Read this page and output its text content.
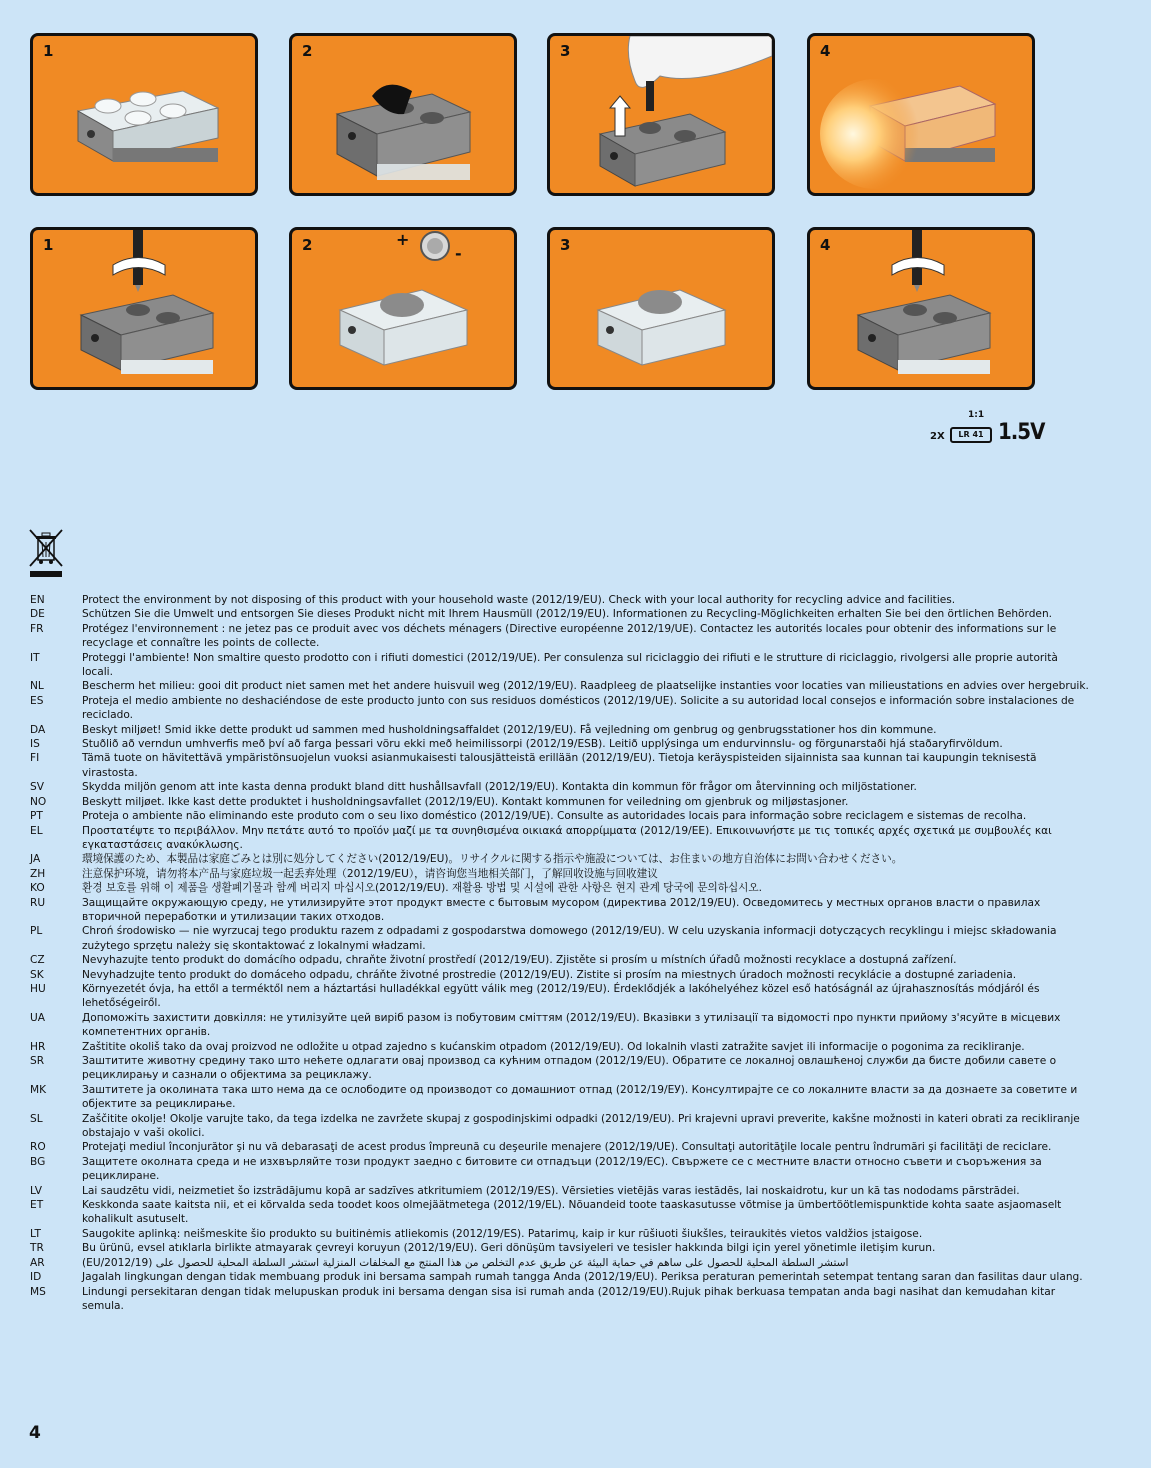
1	2	3	4
1	2	+
-	3	4
1:1
2X	LR 41 1.5V
EN	Protect the environment by not disposing of this product with your household waste (2012/19/EU). Check with your local authority for recycling advice and facilities.
DE	Schützen Sie die Umwelt und entsorgen Sie dieses Produkt nicht mit Ihrem Hausmüll (2012/19/EU). Informationen zu Recycling-Möglichkeiten erhalten Sie bei den örtlichen Behörden.
FR	Protégez l'environnement : ne jetez pas ce produit avec vos déchets ménagers (Directive européenne 2012/19/UE). Contactez les autorités locales pour obtenir des informations sur le recyclage et connaître les points de collecte.
IT	Proteggi l'ambiente! Non smaltire questo prodotto con i rifiuti domestici (2012/19/UE). Per consulenza sul riciclaggio dei rifiuti e le strutture di riciclaggio, rivolgersi alle proprie autorità locali.
NL	Bescherm het milieu: gooi dit product niet samen met het andere huisvuil weg (2012/19/EU). Raadpleeg de plaatselijke instanties voor locaties van milieustations en advies over hergebruik.
ES	Proteja el medio ambiente no deshaciéndose de este producto junto con sus residuos domésticos (2012/19/UE). Solicite a su autoridad local consejos e información sobre instalaciones de reciclado.
DA	Beskyt miljøet! Smid ikke dette produkt ud sammen med husholdningsaffaldet (2012/19/EU). Få vejledning om genbrug og genbrugsstationer hos din kommune.
IS	Stuðlið að verndun umhverfis með því að farga þessari vöru ekki með heimilissorpi (2012/19/ESB). Leitið upplýsinga um endurvinnslu- og förgunarstaði hjá staðaryfirvöldum.
FI	Tämä tuote on hävitettävä ympäristönsuojelun vuoksi asianmukaisesti talousjätteistä erillään (2012/19/EU). Tietoja keräyspisteiden sijainnista saa kunnan tai kaupungin teknisestä virastosta.
SV	Skydda miljön genom att inte kasta denna produkt bland ditt hushållsavfall (2012/19/EU). Kontakta din kommun för frågor om återvinning och miljöstationer.
NO	Beskytt miljøet. Ikke kast dette produktet i husholdningsavfallet (2012/19/EU). Kontakt kommunen for veiledning om gjenbruk og miljøstasjoner.
PT	Proteja o ambiente não eliminando este produto com o seu lixo doméstico (2012/19/UE). Consulte as autoridades locais para informação sobre reciclagem e sistemas de recolha.
EL	Προστατέψτε το περιβάλλον. Μην πετάτε αυτό το προϊόν μαζί με τα συνηθισμένα οικιακά απορρίμματα (2012/19/ΕΕ). Επικοινωνήστε με τις τοπικές αρχές σχετικά με συμβουλές και εγκαταστάσεις ανακύκλωσης.
JA	環境保護のため、本製品は家庭ごみとは別に処分してください(2012/19/EU)。リサイクルに関する指示や施設については、お住まいの地方自治体にお問い合わせください。
ZH	注意保护环境，请勿将本产品与家庭垃圾一起丢弃处理（2012/19/EU），请咨询您当地相关部门，了解回收设施与回收建议
KO	환경 보호를 위해 이 제품을 생활폐기물과 함께 버리지 마십시오(2012/19/EU). 재활용 방법 및 시설에 관한 사항은 현지 관계 당국에 문의하십시오.
RU	Защищайте окружающую среду, не утилизируйте этот продукт вместе с бытовым мусором (директива 2012/19/EU). Осведомитесь у местных органов власти о правилах вторичной переработки и утилизации таких отходов.
PL	Chroń środowisko — nie wyrzucaj tego produktu razem z odpadami z gospodarstwa domowego (2012/19/EU). W celu uzyskania informacji dotyczących recyklingu i miejsc składowania zużytego sprzętu należy się skontaktować z lokalnymi władzami.
CZ	Nevyhazujte tento produkt do domácího odpadu, chraňte životní prostředí (2012/19/EU). Zjistěte si prosím u místních úřadů možnosti recyklace a dostupná zařízení.
SK	Nevyhadzujte tento produkt do domáceho odpadu, chráňte životné prostredie (2012/19/EU). Zistite si prosím na miestnych úradoch možnosti recyklácie a dostupné zariadenia.
HU	Környezetét óvja, ha ettől a terméktől nem a háztartási hulladékkal együtt válik meg (2012/19/EU). Érdeklődjék a lakóhelyéhez közel eső hatóságnál az újrahasznosítás módjáról és lehetőségeiről.
UA	Допоможіть захистити довкілля: не утилізуйте цей виріб разом із побутовим сміттям (2012/19/EU). Вказівки з утилізації та відомості про пункти прийому з'ясуйте в місцевих компетентних органів.
HR	Zaštitite okoliš tako da ovaj proizvod ne odložite u otpad zajedno s kućanskim otpadom (2012/19/EU). Od lokalnih vlasti zatražite savjet ili informacije o pogonima za recikliranje.
SR	Заштитите животну средину тако што нећете одлагати овај производ са кућним отпадом (2012/19/EU). Обратите се локалној овлашћеној служби да бисте добили савете о рециклирању и сазнали о објектима за рециклажу.
MK	Заштитете ја околината така што нема да се ослободите од производот со домашниот отпад (2012/19/ЕУ). Консултирајте се со локалните власти за да дознаете за советите и објектите за рециклирање.
SL	Zaščitite okolje! Okolje varujte tako, da tega izdelka ne zavržete skupaj z gospodinjskimi odpadki (2012/19/EU). Pri krajevni upravi preverite, kakšne možnosti in kateri obrati za recikliranje obstajajo v vaši okolici.
RO	Protejaţi mediul înconjurător şi nu vă debarasaţi de acest produs împreună cu deşeurile menajere (2012/19/UE). Consultaţi autorităţile locale pentru îndrumări şi facilităţi de reciclare.
BG	Защитете околната среда и не изхвърляйте този продукт заедно с битовите си отпадъци (2012/19/ЕС). Свържете се с местните власти относно съвети и съоръжения за рециклиране.
LV	Lai saudzētu vidi, neizmetiet šo izstrādājumu kopā ar sadzīves atkritumiem (2012/19/ES). Vērsieties vietējās varas iestādēs, lai noskaidrotu, kur un kā tas nododams pārstrādei.
ET	Keskkonda saate kaitsta nii, et ei kõrvalda seda toodet koos olmejäätmetega (2012/19/EL). Nõuandeid toote taaskasutusse võtmise ja ümbertöötlemispunktide kohta saate asjaomaselt kohalikult asutuselt.
LT	Saugokite aplinką: neišmeskite šio produkto su buitinėmis atliekomis (2012/19/ES). Patarimų, kaip ir kur rūšiuoti šiukšles, teiraukitės vietos valdžios įstaigose.
TR	Bu ürünü, evsel atıklarla birlikte atmayarak çevreyi koruyun (2012/19/EU). Geri dönüşüm tavsiyeleri ve tesisler hakkında bilgi için yerel yönetimle iletişim kurun.
AR	استشر السلطة المحلية للحصول على ساهم في حماية البيئة عن طريق عدم التخلص من هذا المنتج مع المخلفات المنزلية استشر السلطة المحلية للحصول على (2012/19/EU)
ID	Jagalah lingkungan dengan tidak membuang produk ini bersama sampah rumah tangga Anda (2012/19/EU). Periksa peraturan pemerintah setempat tentang saran dan fasilitas daur ulang.
MS	Lindungi persekitaran dengan tidak melupuskan produk ini bersama dengan sisa isi rumah anda (2012/19/EU).Rujuk pihak berkuasa tempatan anda bagi nasihat dan kemudahan kitar semula.
4
